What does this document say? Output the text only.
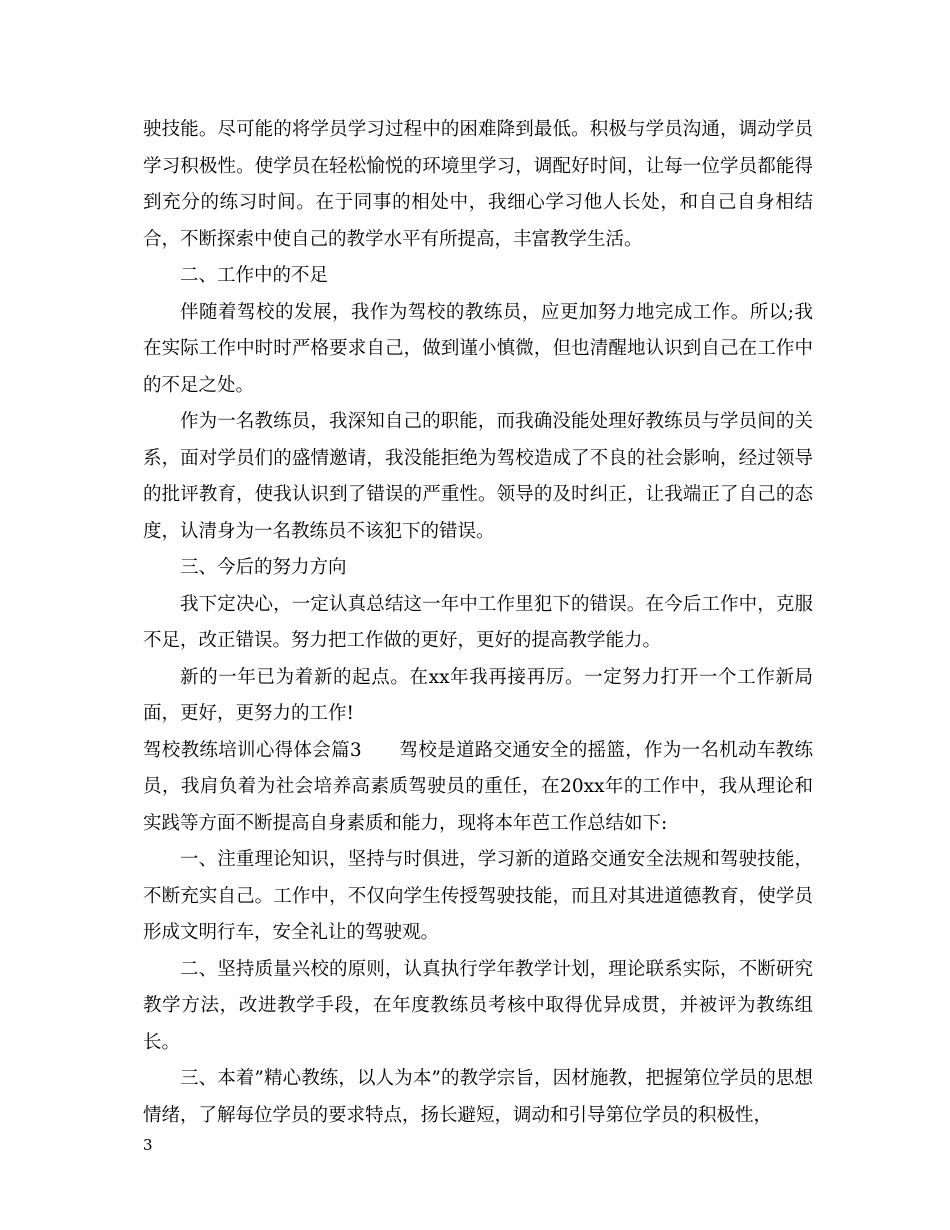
驶技能。尽可能的将学员学习过程中的困难降到最低。积极与学员沟通，调动学员学习积极性。使学员在轻松愉悦的环境里学习，调配好时间，让每一位学员都能得到充分的练习时间。在于同事的相处中，我细心学习他人长处，和自己自身相结合，不断探索中使自己的教学水平有所提高，丰富教学生活。

二、工作中的不足

伴随着驾校的发展，我作为驾校的教练员，应更加努力地完成工作。所以;我在实际工作中时时严格要求自己，做到谨小慎微，但也清醒地认识到自己在工作中的不足之处。

作为一名教练员，我深知自己的职能，而我确没能处理好教练员与学员间的关系，面对学员们的盛情邀请，我没能拒绝为驾校造成了不良的社会影响，经过领导的批评教育，使我认识到了错误的严重性。领导的及时纠正，让我端正了自己的态度，认清身为一名教练员不该犯下的错误。

三、今后的努力方向

我下定决心，一定认真总结这一年中工作里犯下的错误。在今后工作中，克服不足，改正错误。努力把工作做的更好，更好的提高教学能力。

新的一年已为着新的起点。在xx年我再接再厉。一定努力打开一个工作新局面，更好，更努力的工作!

驾校教练培训心得体会篇3　　驾校是道路交通安全的摇篮，作为一名机动车教练员，我肩负着为社会培养高素质驾驶员的重任，在20xx年的工作中，我从理论和实践等方面不断提高自身素质和能力，现将本年芭工作总结如下:

一、注重理论知识，坚持与时俱进，学习新的道路交通安全法规和驾驶技能，不断充实自己。工作中，不仅向学生传授驾驶技能，而且对其进道德教育，使学员形成文明行车，安全礼让的驾驶观。

二、坚持质量兴校的原则，认真执行学年教学计划，理论联系实际，不断研究教学方法，改进教学手段，在年度教练员考核中取得优异成贯，并被评为教练组长。

三、本着”精心教练，以人为本”的教学宗旨，因材施教，把握第位学员的思想情绪，了解每位学员的要求特点，扬长避短，调动和引导第位学员的积极性，

3
